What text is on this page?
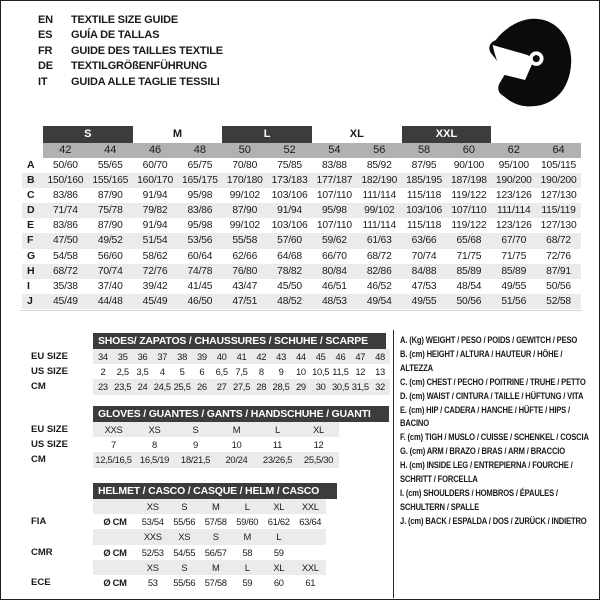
EN	TEXTILE SIZE GUIDE
ES	GUÍA DE TALLAS
FR	GUIDE DES TAILLES TEXTILE
DE	TEXTILGRÖßENFÜHRUNG
IT	GUIDA ALLE TAGLIE TESSILI
S	M	L	XL	XXL
42	44	46	48	50	52	54	56	58	60	62	64
A	50/60	55/65	60/70	65/75	70/80	75/85	83/88	85/92	87/95	90/100	95/100	105/115
B	150/160 155/165 160/170 165/175 170/180 173/183 177/187 182/190 185/195 187/198 190/200 190/200
C	83/86	87/90	91/94	95/98	99/102	103/106 107/110	111/114	115/118 119/122 123/126 127/130
D	71/74	75/78	79/82	83/86	87/90	91/94	95/98	99/102	103/106 107/110	111/114	115/119
E	83/86	87/90	91/94	95/98	99/102	103/106 107/110	111/114	115/118 119/122 123/126 127/130
F	47/50	49/52	51/54	53/56	55/58	57/60	59/62	61/63	63/66	65/68	67/70	68/72
G	54/58	56/60	58/62	60/64	62/66	64/68	66/70	68/72	70/74	71/75	71/75	72/76
H	68/72	70/74	72/76	74/78	76/80	78/82	80/84	82/86	84/88	85/89	85/89	87/91
I	35/38	37/40	39/42	41/45	43/47	45/50	46/51	46/52	47/53	48/54	49/55	50/56
J	45/49	44/48	45/49	46/50	47/51	48/52	48/53	49/54	49/55	50/56	51/56	52/58
SHOES/ ZAPATOS / CHAUSSURES / SCHUHE / SCARPE
EU SIZE	34	35	36	37	38	39	40	41	42	43	44	45	46	47	48
US SIZE	2	2,5 3,5	4	5	6	6,5 7,5	8	9	10 10,5 11,5 12	13
CM	23 23,5 24 24,5 25,5 26	27 27,5 28 28,5 29	30 30,5 31,5 32
GLOVES / GUANTES / GANTS / HANDSCHUHE / GUANTI
EU SIZE	XXS	XS	S	M	L	XL
US SIZE	7	8	9	10	11	12
CM	12,5/16,5 16,5/19	18/21,5	20/24	23/26,5	25,5/30
HELMET / CASCO / CASQUE / HELM / CASCO
XS	S	M	L	XL	XXL
FIA	Ø CM	53/54	55/56	57/58	59/60	61/62	63/64
XXS	XS	S	M	L
CMR	Ø CM	52/53	54/55	56/57	58	59
XS	S	M	L	XL	XXL
ECE	Ø CM	53	55/56	57/58	59	60	61
A. (Kg) WEIGHT / PESO / POIDS / GEWITCH / PESO
B. (cm) HEIGHT / ALTURA / HAUTEUR / HÖHE / ALTEZZA
C. (cm) CHEST / PECHO / POITRINE / TRUHE / PETTO
D. (cm) WAIST / CINTURA / TAILLE / HÜFTUNG / VITA
E. (cm) HIP / CADERA / HANCHE / HÜFTE / HIPS / BACINO
F. (cm) TIGH / MUSLO / CUISSE / SCHENKEL / COSCIA
G. (cm) ARM / BRAZO / BRAS / ARM / BRACCIO
H. (cm) INSIDE LEG / ENTREPIERNA / FOURCHE / SCHRITT / FORCELLA
I. (cm) SHOULDERS / HOMBROS / ÉPAULES / SCHULTERN / SPALLE
J. (cm) BACK / ESPALDA / DOS / ZURÜCK / INDIETRO
